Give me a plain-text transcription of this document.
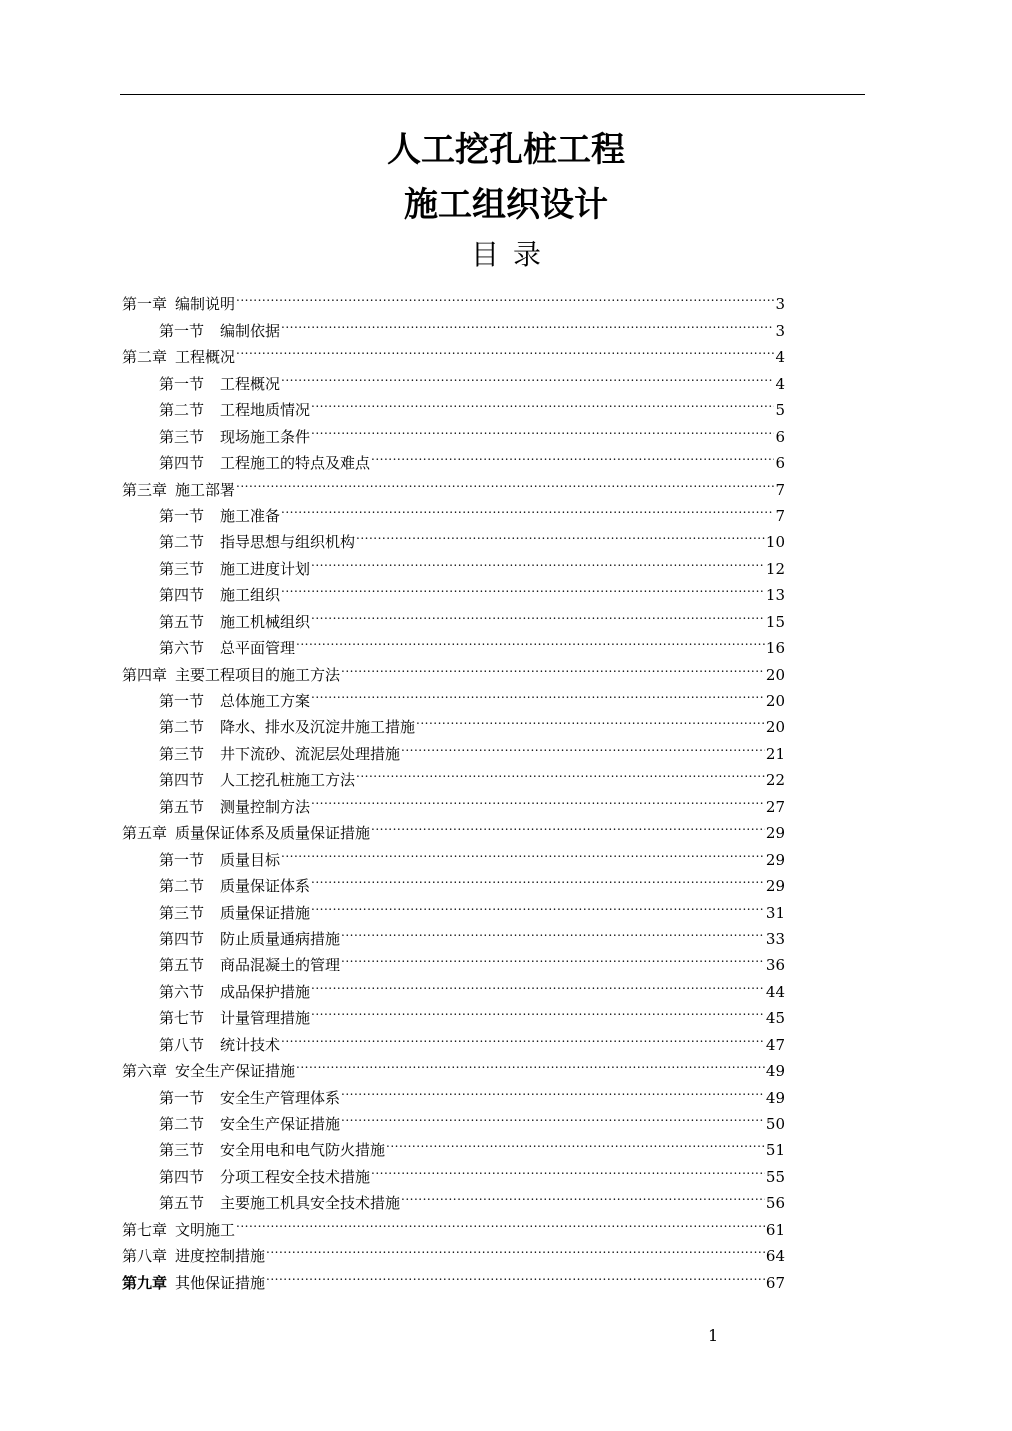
人工挖孔桩工程
施工组织设计
目录
第一章 编制说明 .....	3
第一节 编制依据 .....	3
第二章 工程概况 .....	4
第一节 工程概况 .....	4
第二节 工程地质情况 .....	5
第三节 现场施工条件 .....	6
第四节 工程施工的特点及难点 .....	6
第三章 施工部署 .....	7
第一节 施工准备 .....	7
第二节 指导思想与组织机构 .....	10
第三节 施工进度计划 .....	12
第四节 施工组织 .....	13
第五节 施工机械组织 .....	15
第六节 总平面管理 .....	16
第四章 主要工程项目的施工方法 .....	20
第一节 总体施工方案 .....	20
第二节 降水、排水及沉淀井施工措施 .....	20
第三节 井下流砂、流泥层处理措施 .....	21
第四节 人工挖孔桩施工方法 .....	22
第五节 测量控制方法 .....	27
第五章 质量保证体系及质量保证措施 .....	29
第一节 质量目标 .....	29
第二节 质量保证体系 .....	29
第三节 质量保证措施 .....	31
第四节 防止质量通病措施 .....	33
第五节 商品混凝土的管理 .....	36
第六节 成品保护措施 .....	44
第七节 计量管理措施 .....	45
第八节 统计技术 .....	47
第六章 安全生产保证措施 .....	49
第一节 安全生产管理体系 .....	49
第二节 安全生产保证措施 .....	50
第三节 安全用电和电气防火措施 .....	51
第四节 分项工程安全技术措施 .....	55
第五节 主要施工机具安全技术措施 .....	56
第七章 文明施工 .....	61
第八章 进度控制措施 .....	64
第九章 其他保证措施 .....	67
1
